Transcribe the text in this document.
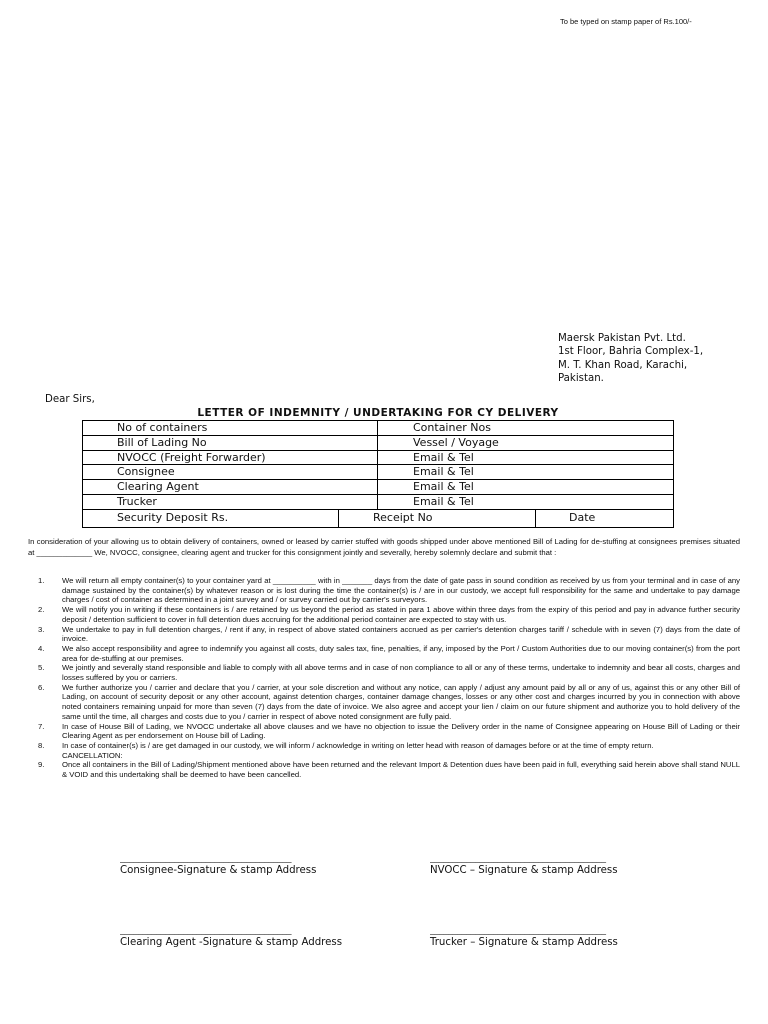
To be typed on stamp paper of Rs.100/-
Maersk Pakistan Pvt. Ltd.
1st Floor, Bahria Complex-1,
M. T. Khan Road, Karachi,
Pakistan.
Dear Sirs,
LETTER OF INDEMNITY / UNDERTAKING FOR CY DELIVERY
No of containers	Container Nos
Bill of Lading No	Vessel / Voyage
NVOCC (Freight Forwarder)	Email & Tel
Consignee	Email & Tel
Clearing Agent	Email & Tel
Trucker	Email & Tel
Security Deposit Rs.	Receipt No	Date
In consideration of your allowing us to obtain delivery of containers, owned or leased by carrier stuffed with goods shipped under above mentioned Bill of Lading for de-stuffing at consignees premises situated at _____________ We, NVOCC, consignee, clearing agent and trucker for this consignment jointly and severally, hereby solemnly declare and submit that :
1.	We will return all empty container(s) to your container yard at __________ with in _______ days from the date of gate pass in sound condition as received by us from your terminal and in case of any damage sustained by the container(s) by whatever reason or is lost during the time the container(s) is / are in our custody, we accept full responsibility for the same and undertake to pay damage charges / cost of container as determined in a joint survey and / or survey carried out by carrier's surveyors.
2.	We will notify you in writing if these containers is / are retained by us beyond the period as stated in para 1 above within three days from the expiry of this period and pay in advance further security deposit / detention sufficient to cover in full detention dues accruing for the additional period container are expected to stay with us.
3.	We undertake to pay in full detention charges, / rent if any, in respect of above stated containers accrued as per carrier's detention charges tariff / schedule with in seven (7) days from the date of invoice.
4.	We also accept responsibility and agree to indemnify you against all costs, duty sales tax, fine, penalties, if any, imposed by the Port / Custom Authorities due to our moving container(s) from the port area for de-stuffing at our premises.
5.	We jointly and severally stand responsible and liable to comply with all above terms and in case of non compliance to all or any of these terms, undertake to indemnity and bear all costs, charges and losses suffered by you or carriers.
6.	We further authorize you / carrier and declare that you / carrier, at your sole discretion and without any notice, can apply / adjust any amount paid by all or any of us, against this or any other Bill of Lading, on account of security deposit or any other account, against detention charges, container damage changes, losses or any other cost and charges incurred by you in connection with above noted containers remaining unpaid for more than seven (7) days from the date of invoice. We also agree and accept your lien / claim on our future shipment and authorize you to hold delivery of the same until the time, all charges and costs due to you / carrier in respect of above noted consignment are fully paid.
7.	In case of House Bill of Lading, we NVOCC undertake all above clauses and we have no objection to issue the Delivery order in the name of Consignee appearing on House Bill of Lading or their Clearing Agent as per endorsement on House bill of Lading.
8.	In case of container(s) is / are get damaged in our custody, we will inform / acknowledge in writing on letter head with reason of damages before or at the time of empty return.
CANCELLATION:
9.	Once all containers in the Bill of Lading/Shipment mentioned above have been returned and the relevant Import & Detention dues have been paid in full, everything said herein above shall stand NULL & VOID and this undertaking shall be deemed to have been cancelled.
______________________________________
Consignee-Signature & stamp Address
_______________________________________
NVOCC – Signature & stamp Address
______________________________________
Clearing Agent -Signature & stamp Address
_______________________________________
Trucker – Signature & stamp Address
